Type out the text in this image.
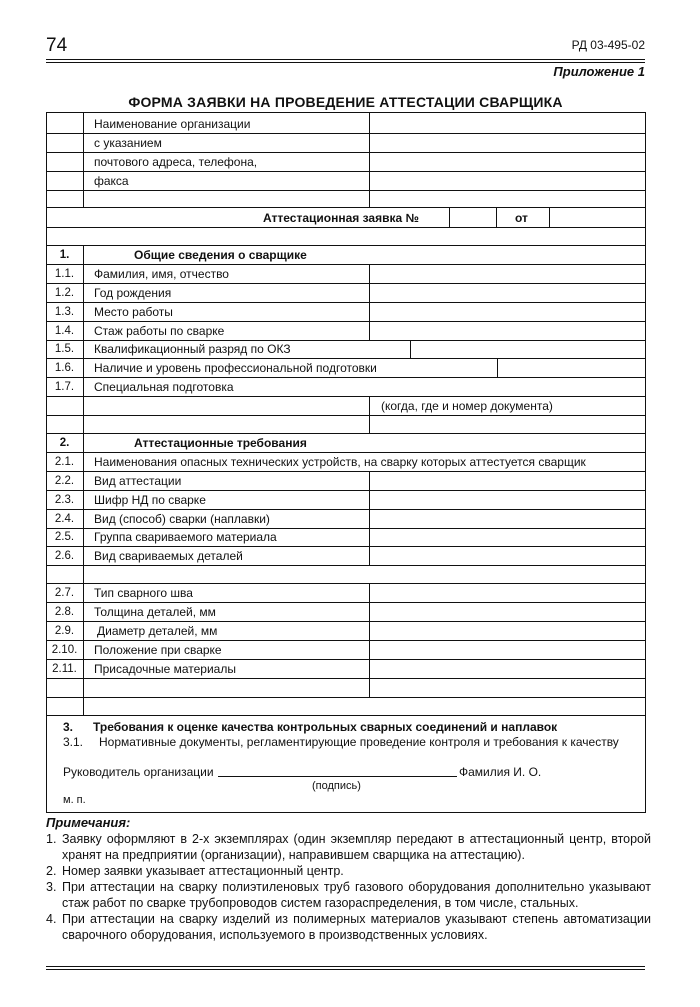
74	РД 03-495-02
Приложение 1
ФОРМА ЗАЯВКИ НА ПРОВЕДЕНИЕ АТТЕСТАЦИИ СВАРЩИКА
Наименование организации
с указанием
почтового адреса, телефона,
факса
Аттестационная заявка №	от
1.	Общие сведения о сварщике
1.1.	Фамилия, имя, отчество
1.2.	Год рождения
1.3.	Место работы
1.4.	Стаж работы по сварке
1.5.	Квалификационный разряд по ОКЗ
1.6.	Наличие и уровень профессиональной подготовки
1.7.	Специальная подготовка
(когда, где и номер документа)
2.	Аттестационные требования
2.1.	Наименования опасных технических устройств, на сварку которых аттестуется сварщик
2.2.	Вид аттестации
2.3.	Шифр НД по сварке
2.4.	Вид (способ) сварки (наплавки)
2.5.	Группа свариваемого материала
2.6.	Вид свариваемых деталей
2.7.	Тип сварного шва
2.8.	Толщина деталей, мм
2.9.	Диаметр деталей, мм
2.10.	Положение при сварке
2.11.	Присадочные материалы
3. Требования к оценке качества контрольных сварных соединений и наплавок
3.1. Нормативные документы, регламентирующие проведение контроля и требования к качеству
Руководитель организации	Фамилия И. О.
(подпись)
м. п.
Примечания:
1. Заявку оформляют в 2-х экземплярах (один экземпляр передают в аттестационный центр, второй хранят на предприятии (организации), направившем сварщика на аттестацию).
2. Номер заявки указывает аттестационный центр.
3. При аттестации на сварку полиэтиленовых труб газового оборудования дополнительно указывают стаж работ по сварке трубопроводов систем газораспределения, в том числе, стальных.
4. При аттестации на сварку изделий из полимерных материалов указывают степень автоматизации сварочного оборудования, используемого в производственных условиях.
